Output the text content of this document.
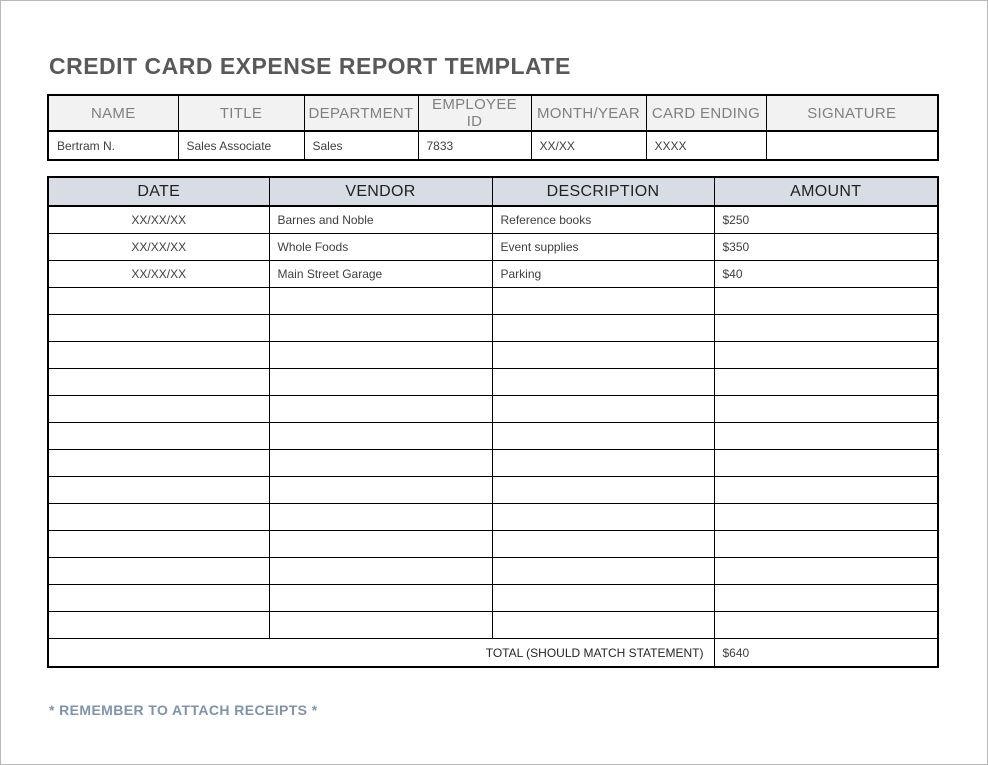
CREDIT CARD EXPENSE REPORT TEMPLATE
NAME	TITLE	DEPARTMENT	EMPLOYEE ID	MONTH/YEAR	CARD ENDING	SIGNATURE
Bertram N.	Sales Associate	Sales	7833	XX/XX	XXXX	
DATE	VENDOR	DESCRIPTION	AMOUNT
XX/XX/XX	Barnes and Noble	Reference books	$250
XX/XX/XX	Whole Foods	Event supplies	$350
XX/XX/XX	Main Street Garage	Parking	$40

TOTAL (SHOULD MATCH STATEMENT)			$640
* REMEMBER TO ATTACH RECEIPTS *
